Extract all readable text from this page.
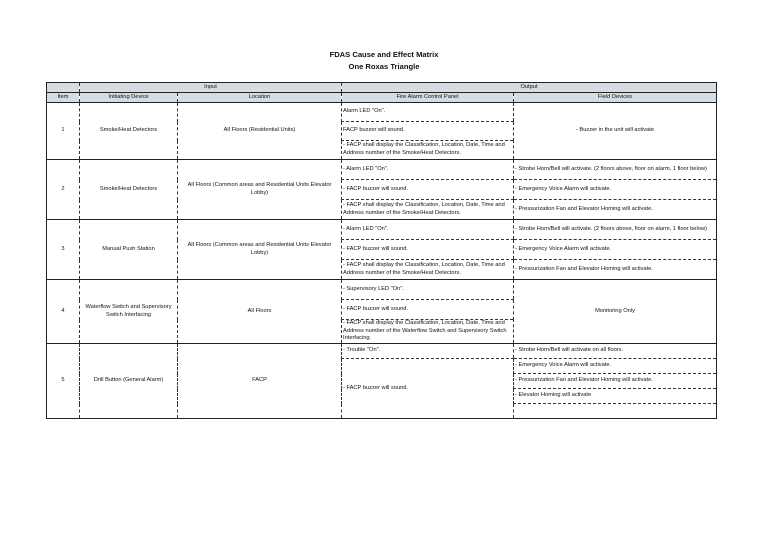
FDAS Cause and Effect Matrix
One Roxas Triangle
	Input		Output	
Item	Initiating Device	Location	Fire Alarm Control Panel	Field Devices
1	Smoke/Heat Detectors	All Floors (Residential Units)	Alarm LED "On".	- Buzzer in the unit will activate
			FACP buzzer will sound.	
			- FACP shall display the Classification, Location, Date, Time and Address number of the Smoke/Heat Detectors.	
2	Smoke/Heat Detectors	All Floors (Common areas and Residential Units Elevator Lobby)	- Alarm LED "On".	- Strobe Horn/Bell will activate. (2 floors above, floor on alarm, 1 floor below)
			- FACP buzzer will sound.	- Emergency Voice Alarm will activate.
			- FACP shall display the Classification, Location, Date, Time and Address number of the Smoke/Heat Detectors.	- Pressurization Fan and Elevator Homing will activate.
3	Manual Push Station	All Floors (Common areas and Residential Units Elevator Lobby)	- Alarm LED "On".	- Strobe Horn/Bell will activate. (2 floors above, floor on alarm, 1 floor below)
			- FACP buzzer will sound.	- Emergency Voice Alarm will activate.
			- FACP shall display the Classification, Location, Date, Time and Address number of the Smoke/Heat Detectors.	- Pressurization Fan and Elevator Homing will activate.
4	Waterflow Switch and Supervisory Switch Interfacing	All Floors	- Supervisory LED "On".	Monitoring Only
			- FACP buzzer will sound.	
			- FACP shall display the Classification, Location, Date, Time and Address number of the Waterflow Switch and Supervisory Switch Interfacing.	
5	Drill Button (General Alarm)	FACP	- Trouble "On".	- Strobe Horn/Bell will activate on all floors.
			- FACP buzzer will sound.	- Emergency Voice Alarm will activate.
				- Pressurization Fan and Elevator Homing will activate.
				- Elevator Homing will activate
